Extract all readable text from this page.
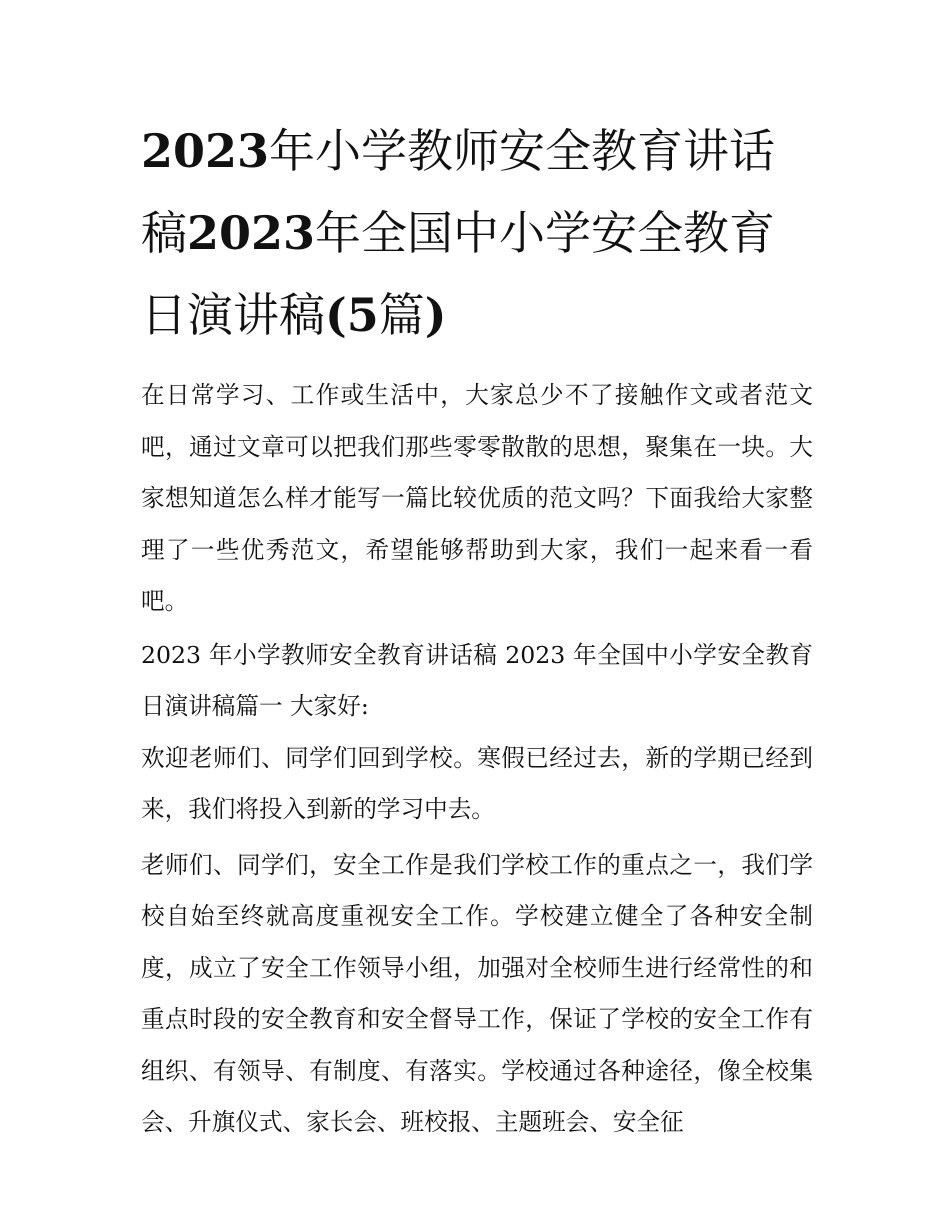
2023年小学教师安全教育讲话稿2023年全国中小学安全教育日演讲稿(5篇)

在日常学习、工作或生活中，大家总少不了接触作文或者范文吧，通过文章可以把我们那些零零散散的思想，聚集在一块。大家想知道怎么样才能写一篇比较优质的范文吗？下面我给大家整理了一些优秀范文，希望能够帮助到大家，我们一起来看一看吧。

2023 年小学教师安全教育讲话稿 2023 年全国中小学安全教育日演讲稿篇一 大家好:

欢迎老师们、同学们回到学校。寒假已经过去，新的学期已经到来，我们将投入到新的学习中去。

老师们、同学们，安全工作是我们学校工作的重点之一，我们学校自始至终就高度重视安全工作。学校建立健全了各种安全制度，成立了安全工作领导小组，加强对全校师生进行经常性的和重点时段的安全教育和安全督导工作，保证了学校的安全工作有组织、有领导、有制度、有落实。学校通过各种途径，像全校集会、升旗仪式、家长会、班校报、主题班会、安全征
